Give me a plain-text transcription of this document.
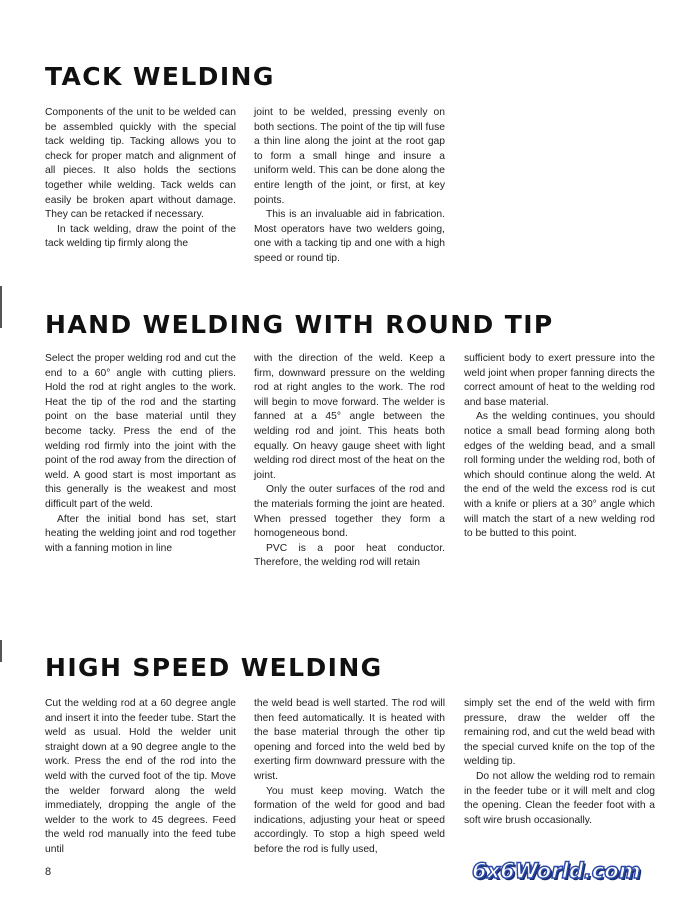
TACK WELDING

Components of the unit to be welded can be assembled quickly with the special tack welding tip. Tacking allows you to check for proper match and alignment of all pieces. It also holds the sections together while welding. Tack welds can easily be broken apart without damage. They can be retacked if necessary.

In tack welding, draw the point of the tack welding tip firmly along the

joint to be welded, pressing evenly on both sections. The point of the tip will fuse a thin line along the joint at the root gap to form a small hinge and insure a uniform weld. This can be done along the entire length of the joint, or first, at key points.

This is an invaluable aid in fabrication. Most operators have two welders going, one with a tacking tip and one with a high speed or round tip.

HAND WELDING WITH ROUND TIP

Select the proper welding rod and cut the end to a 60° angle with cutting pliers. Hold the rod at right angles to the work. Heat the tip of the rod and the starting point on the base material until they become tacky. Press the end of the welding rod firmly into the joint with the point of the rod away from the direction of weld. A good start is most important as this generally is the weakest and most difficult part of the weld.

After the initial bond has set, start heating the welding joint and rod together with a fanning motion in line

with the direction of the weld. Keep a firm, downward pressure on the welding rod at right angles to the work. The rod will begin to move forward. The welder is fanned at a 45° angle between the welding rod and joint. This heats both equally. On heavy gauge sheet with light welding rod direct most of the heat on the joint.

Only the outer surfaces of the rod and the materials forming the joint are heated. When pressed together they form a homogeneous bond.

PVC is a poor heat conductor. Therefore, the welding rod will retain

sufficient body to exert pressure into the weld joint when proper fanning directs the correct amount of heat to the welding rod and base material.

As the welding continues, you should notice a small bead forming along both edges of the welding bead, and a small roll forming under the welding rod, both of which should continue along the weld. At the end of the weld the excess rod is cut with a knife or pliers at a 30° angle which will match the start of a new welding rod to be butted to this point.

HIGH SPEED WELDING

Cut the welding rod at a 60 degree angle and insert it into the feeder tube. Start the weld as usual. Hold the welder unit straight down at a 90 degree angle to the work. Press the end of the rod into the weld with the curved foot of the tip. Move the welder forward along the weld immediately, dropping the angle of the welder to the work to 45 degrees. Feed the weld rod manually into the feed tube until

the weld bead is well started. The rod will then feed automatically. It is heated with the base material through the other tip opening and forced into the weld bed by exerting firm downward pressure with the wrist.

You must keep moving. Watch the formation of the weld for good and bad indications, adjusting your heat or speed accordingly. To stop a high speed weld before the rod is fully used,

simply set the end of the weld with firm pressure, draw the welder off the remaining rod, and cut the weld bead with the special curved knife on the top of the welding tip.

Do not allow the welding rod to remain in the feeder tube or it will melt and clog the opening. Clean the feeder foot with a soft wire brush occasionally.

8	6x6World.com
